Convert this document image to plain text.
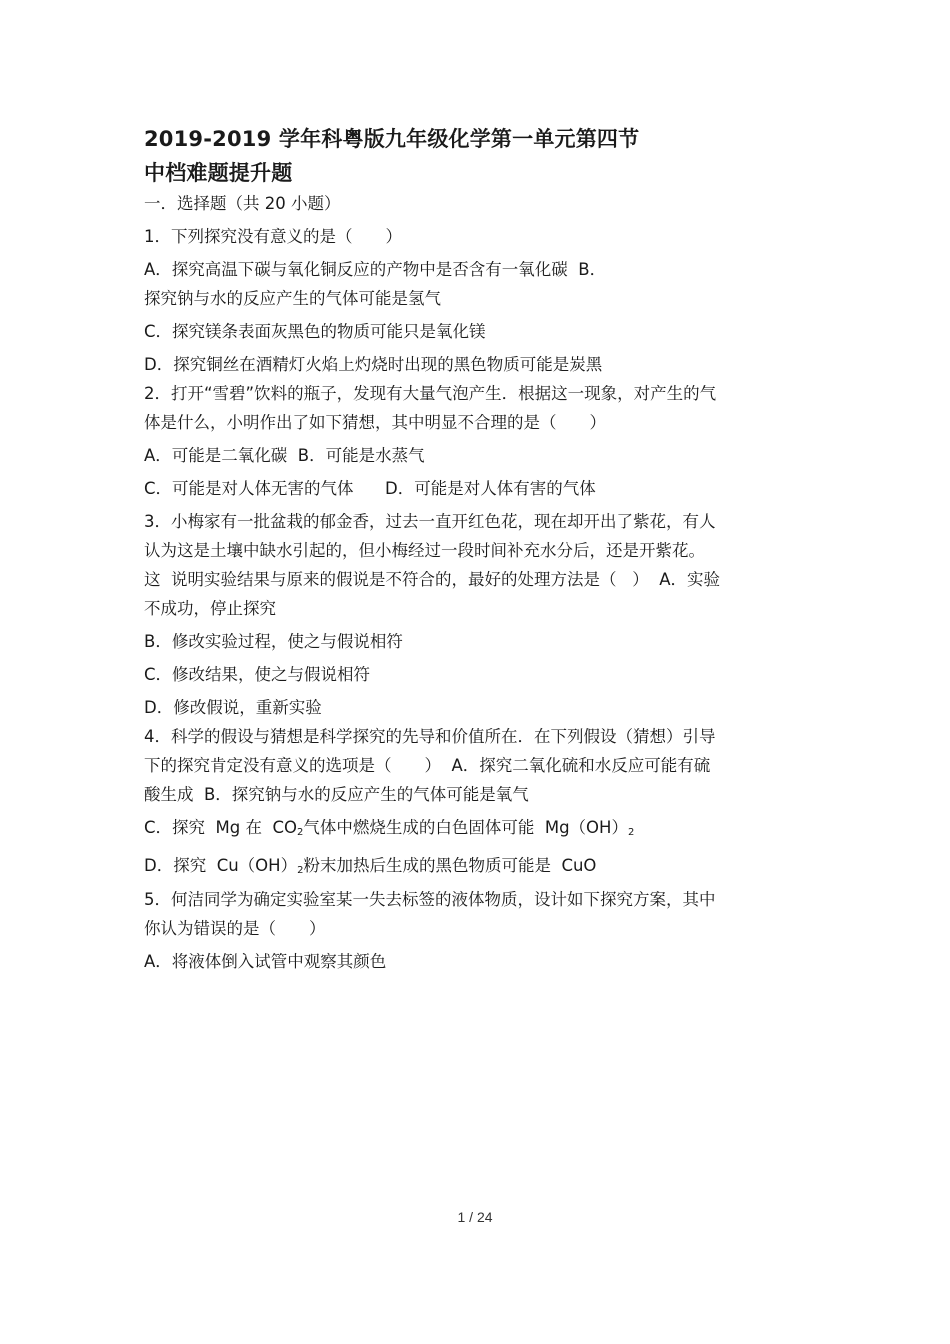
2019-2019 学年科粤版九年级化学第一单元第四节

中档难题提升题

一．选择题（共 20 小题）

1．下列探究没有意义的是（　　）

A．探究高温下碳与氧化铜反应的产物中是否含有一氧化碳  B．

探究钠与水的反应产生的气体可能是氢气

C．探究镁条表面灰黑色的物质可能只是氧化镁

D．探究铜丝在酒精灯火焰上灼烧时出现的黑色物质可能是炭黑

2．打开“雪碧”饮料的瓶子，发现有大量气泡产生．根据这一现象，对产生的气

体是什么，小明作出了如下猜想，其中明显不合理的是（　　）

A．可能是二氧化碳  B．可能是水蒸气

C．可能是对人体无害的气体      D．可能是对人体有害的气体

3．小梅家有一批盆栽的郁金香，过去一直开红色花，现在却开出了紫花，有人

认为这是土壤中缺水引起的，但小梅经过一段时间补充水分后，还是开紫花。

这  说明实验结果与原来的假说是不符合的，最好的处理方法是（   ）  A．实验

不成功，停止探究

B．修改实验过程，使之与假说相符

C．修改结果，使之与假说相符

D．修改假说，重新实验

4．科学的假设与猜想是科学探究的先导和价值所在．在下列假设（猜想）引导

下的探究肯定没有意义的选项是（　　）  A．探究二氧化硫和水反应可能有硫

酸生成  B．探究钠与水的反应产生的气体可能是氧气

C．探究  Mg 在  $CO_2$气体中燃烧生成的白色固体可能  $Mg(OH)_2$

D．探究  $Cu(OH)_2$粉末加热后生成的黑色物质可能是  CuO

5．何洁同学为确定实验室某一失去标签的液体物质，设计如下探究方案，其中

你认为错误的是（　　）

A．将液体倒入试管中观察其颜色

1 / 24
